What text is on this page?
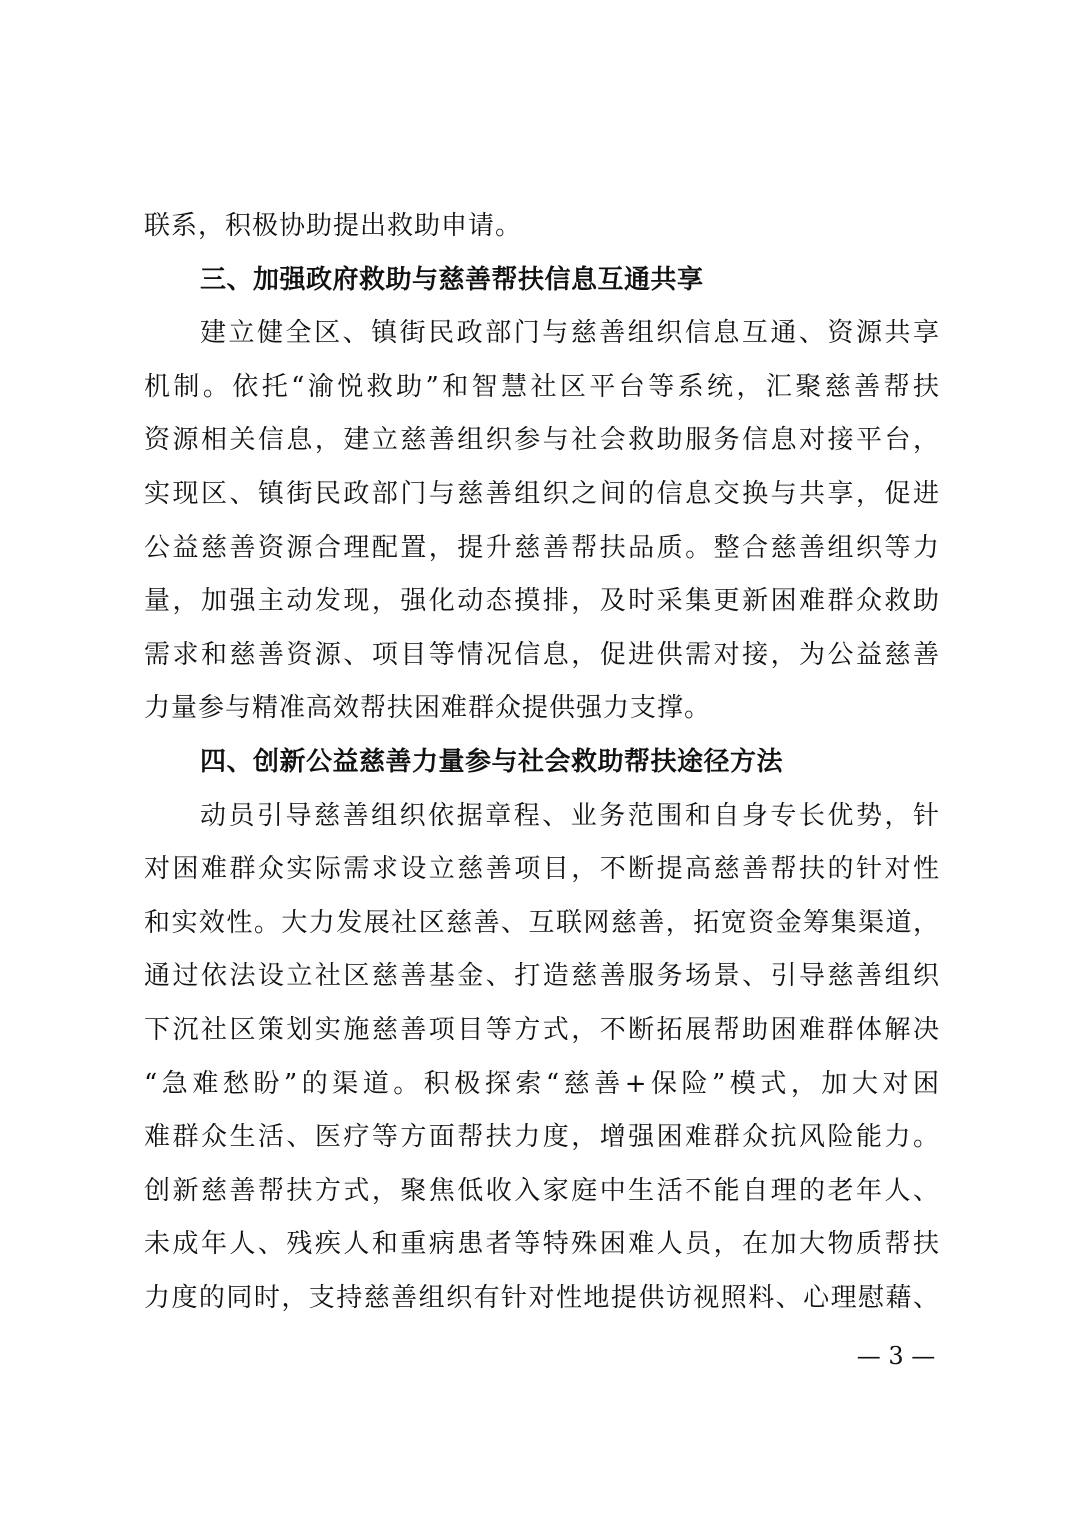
联系，积极协助提出救助申请。
三、加强政府救助与慈善帮扶信息互通共享
建立健全区、镇街民政部门与慈善组织信息互通、资源共享
机制。依托“渝悦救助”和智慧社区平台等系统，汇聚慈善帮扶
资源相关信息，建立慈善组织参与社会救助服务信息对接平台，
实现区、镇街民政部门与慈善组织之间的信息交换与共享，促进
公益慈善资源合理配置，提升慈善帮扶品质。整合慈善组织等力
量，加强主动发现，强化动态摸排，及时采集更新困难群众救助
需求和慈善资源、项目等情况信息，促进供需对接，为公益慈善
力量参与精准高效帮扶困难群众提供强力支撑。
四、创新公益慈善力量参与社会救助帮扶途径方法
动员引导慈善组织依据章程、业务范围和自身专长优势，针
对困难群众实际需求设立慈善项目，不断提高慈善帮扶的针对性
和实效性。大力发展社区慈善、互联网慈善，拓宽资金筹集渠道，
通过依法设立社区慈善基金、打造慈善服务场景、引导慈善组织
下沉社区策划实施慈善项目等方式，不断拓展帮助困难群体解决
“急难愁盼”的渠道。积极探索“慈善+保险”模式，加大对困
难群众生活、医疗等方面帮扶力度，增强困难群众抗风险能力。
创新慈善帮扶方式，聚焦低收入家庭中生活不能自理的老年人、
未成年人、残疾人和重病患者等特殊困难人员，在加大物质帮扶
力度的同时，支持慈善组织有针对性地提供访视照料、心理慰藉、
— 3 —
